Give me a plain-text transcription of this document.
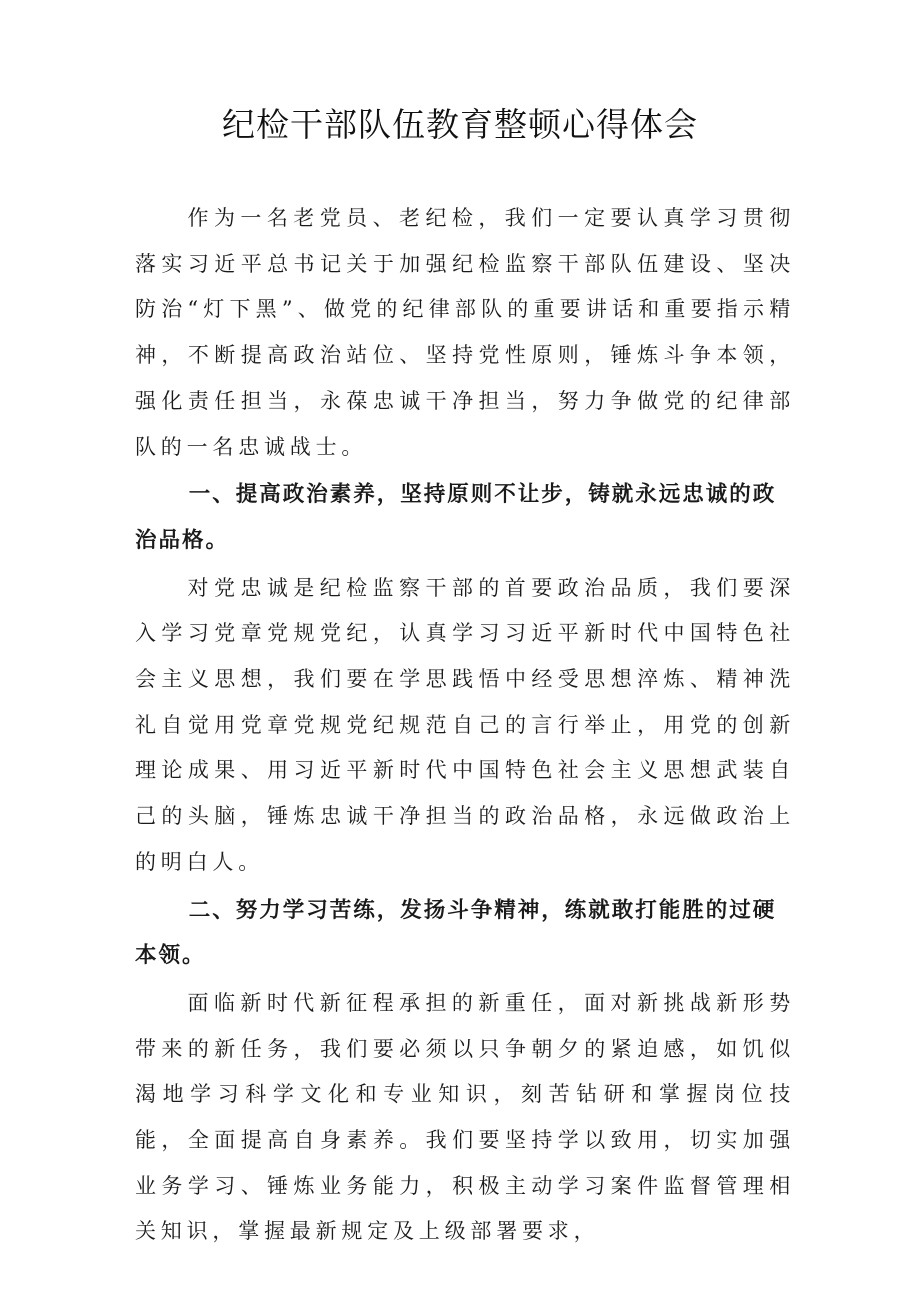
纪检干部队伍教育整顿心得体会

作为一名老党员、老纪检，我们一定要认真学习贯彻落实习近平总书记关于加强纪检监察干部队伍建设、坚决防治“灯下黑”、做党的纪律部队的重要讲话和重要指示精神，不断提高政治站位、坚持党性原则，锤炼斗争本领，强化责任担当，永葆忠诚干净担当，努力争做党的纪律部队的一名忠诚战士。

一、提高政治素养，坚持原则不让步，铸就永远忠诚的政治品格。

对党忠诚是纪检监察干部的首要政治品质，我们要深入学习党章党规党纪，认真学习习近平新时代中国特色社会主义思想，我们要在学思践悟中经受思想淬炼、精神洗礼自觉用党章党规党纪规范自己的言行举止，用党的创新理论成果、用习近平新时代中国特色社会主义思想武装自己的头脑，锤炼忠诚干净担当的政治品格，永远做政治上的明白人。

二、努力学习苦练，发扬斗争精神，练就敢打能胜的过硬本领。

面临新时代新征程承担的新重任，面对新挑战新形势带来的新任务，我们要必须以只争朝夕的紧迫感，如饥似渴地学习科学文化和专业知识，刻苦钻研和掌握岗位技能，全面提高自身素养。我们要坚持学以致用，切实加强业务学习、锤炼业务能力，积极主动学习案件监督管理相关知识，掌握最新规定及上级部署要求，
